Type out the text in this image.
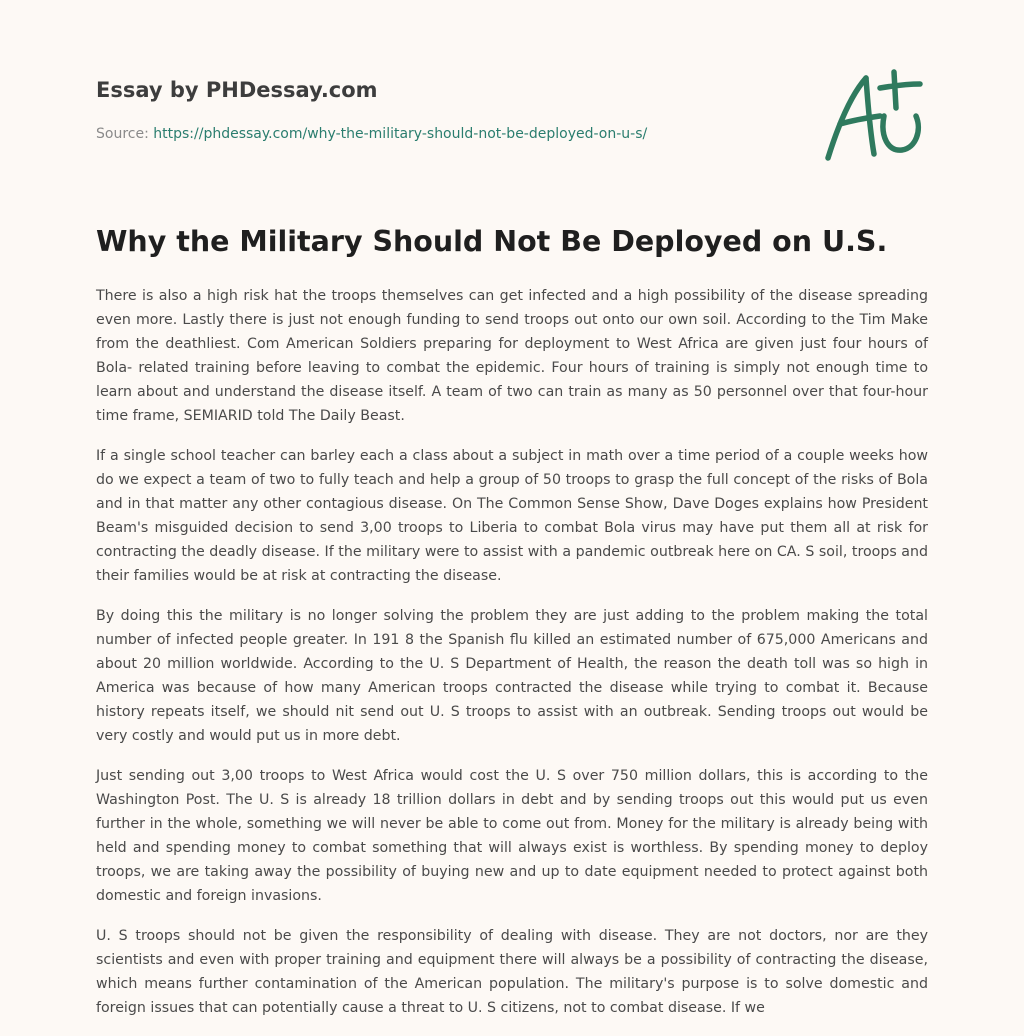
Essay by PHDessay.com
Source: https://phdessay.com/why-the-military-should-not-be-deployed-on-u-s/
Why the Military Should Not Be Deployed on U.S.

There is also a high risk hat the troops themselves can get infected and a high possibility of the disease spreading even more. Lastly there is just not enough funding to send troops out onto our own soil. According to the Tim Make from the deathliest. Com American Soldiers preparing for deployment to West Africa are given just four hours of Bola- related training before leaving to combat the epidemic. Four hours of training is simply not enough time to learn about and understand the disease itself. A team of two can train as many as 50 personnel over that four-hour time frame, SEMIARID told The Daily Beast.

If a single school teacher can barley each a class about a subject in math over a time period of a couple weeks how do we expect a team of two to fully teach and help a group of 50 troops to grasp the full concept of the risks of Bola and in that matter any other contagious disease. On The Common Sense Show, Dave Doges explains how President Beam's misguided decision to send 3,00 troops to Liberia to combat Bola virus may have put them all at risk for contracting the deadly disease. If the military were to assist with a pandemic outbreak here on CA. S soil, troops and their families would be at risk at contracting the disease.

By doing this the military is no longer solving the problem they are just adding to the problem making the total number of infected people greater. In 191 8 the Spanish flu killed an estimated number of 675,000 Americans and about 20 million worldwide. According to the U. S Department of Health, the reason the death toll was so high in America was because of how many American troops contracted the disease while trying to combat it. Because history repeats itself, we should nit send out U. S troops to assist with an outbreak. Sending troops out would be very costly and would put us in more debt.

Just sending out 3,00 troops to West Africa would cost the U. S over 750 million dollars, this is according to the Washington Post. The U. S is already 18 trillion dollars in debt and by sending troops out this would put us even further in the whole, something we will never be able to come out from. Money for the military is already being with held and spending money to combat something that will always exist is worthless. By spending money to deploy troops, we are taking away the possibility of buying new and up to date equipment needed to protect against both domestic and foreign invasions.

U. S troops should not be given the responsibility of dealing with disease. They are not doctors, nor are they scientists and even with proper training and equipment there will always be a possibility of contracting the disease, which means further contamination of the American population. The military's purpose is to solve domestic and foreign issues that can potentially cause a threat to U. S citizens, not to combat disease. If we
